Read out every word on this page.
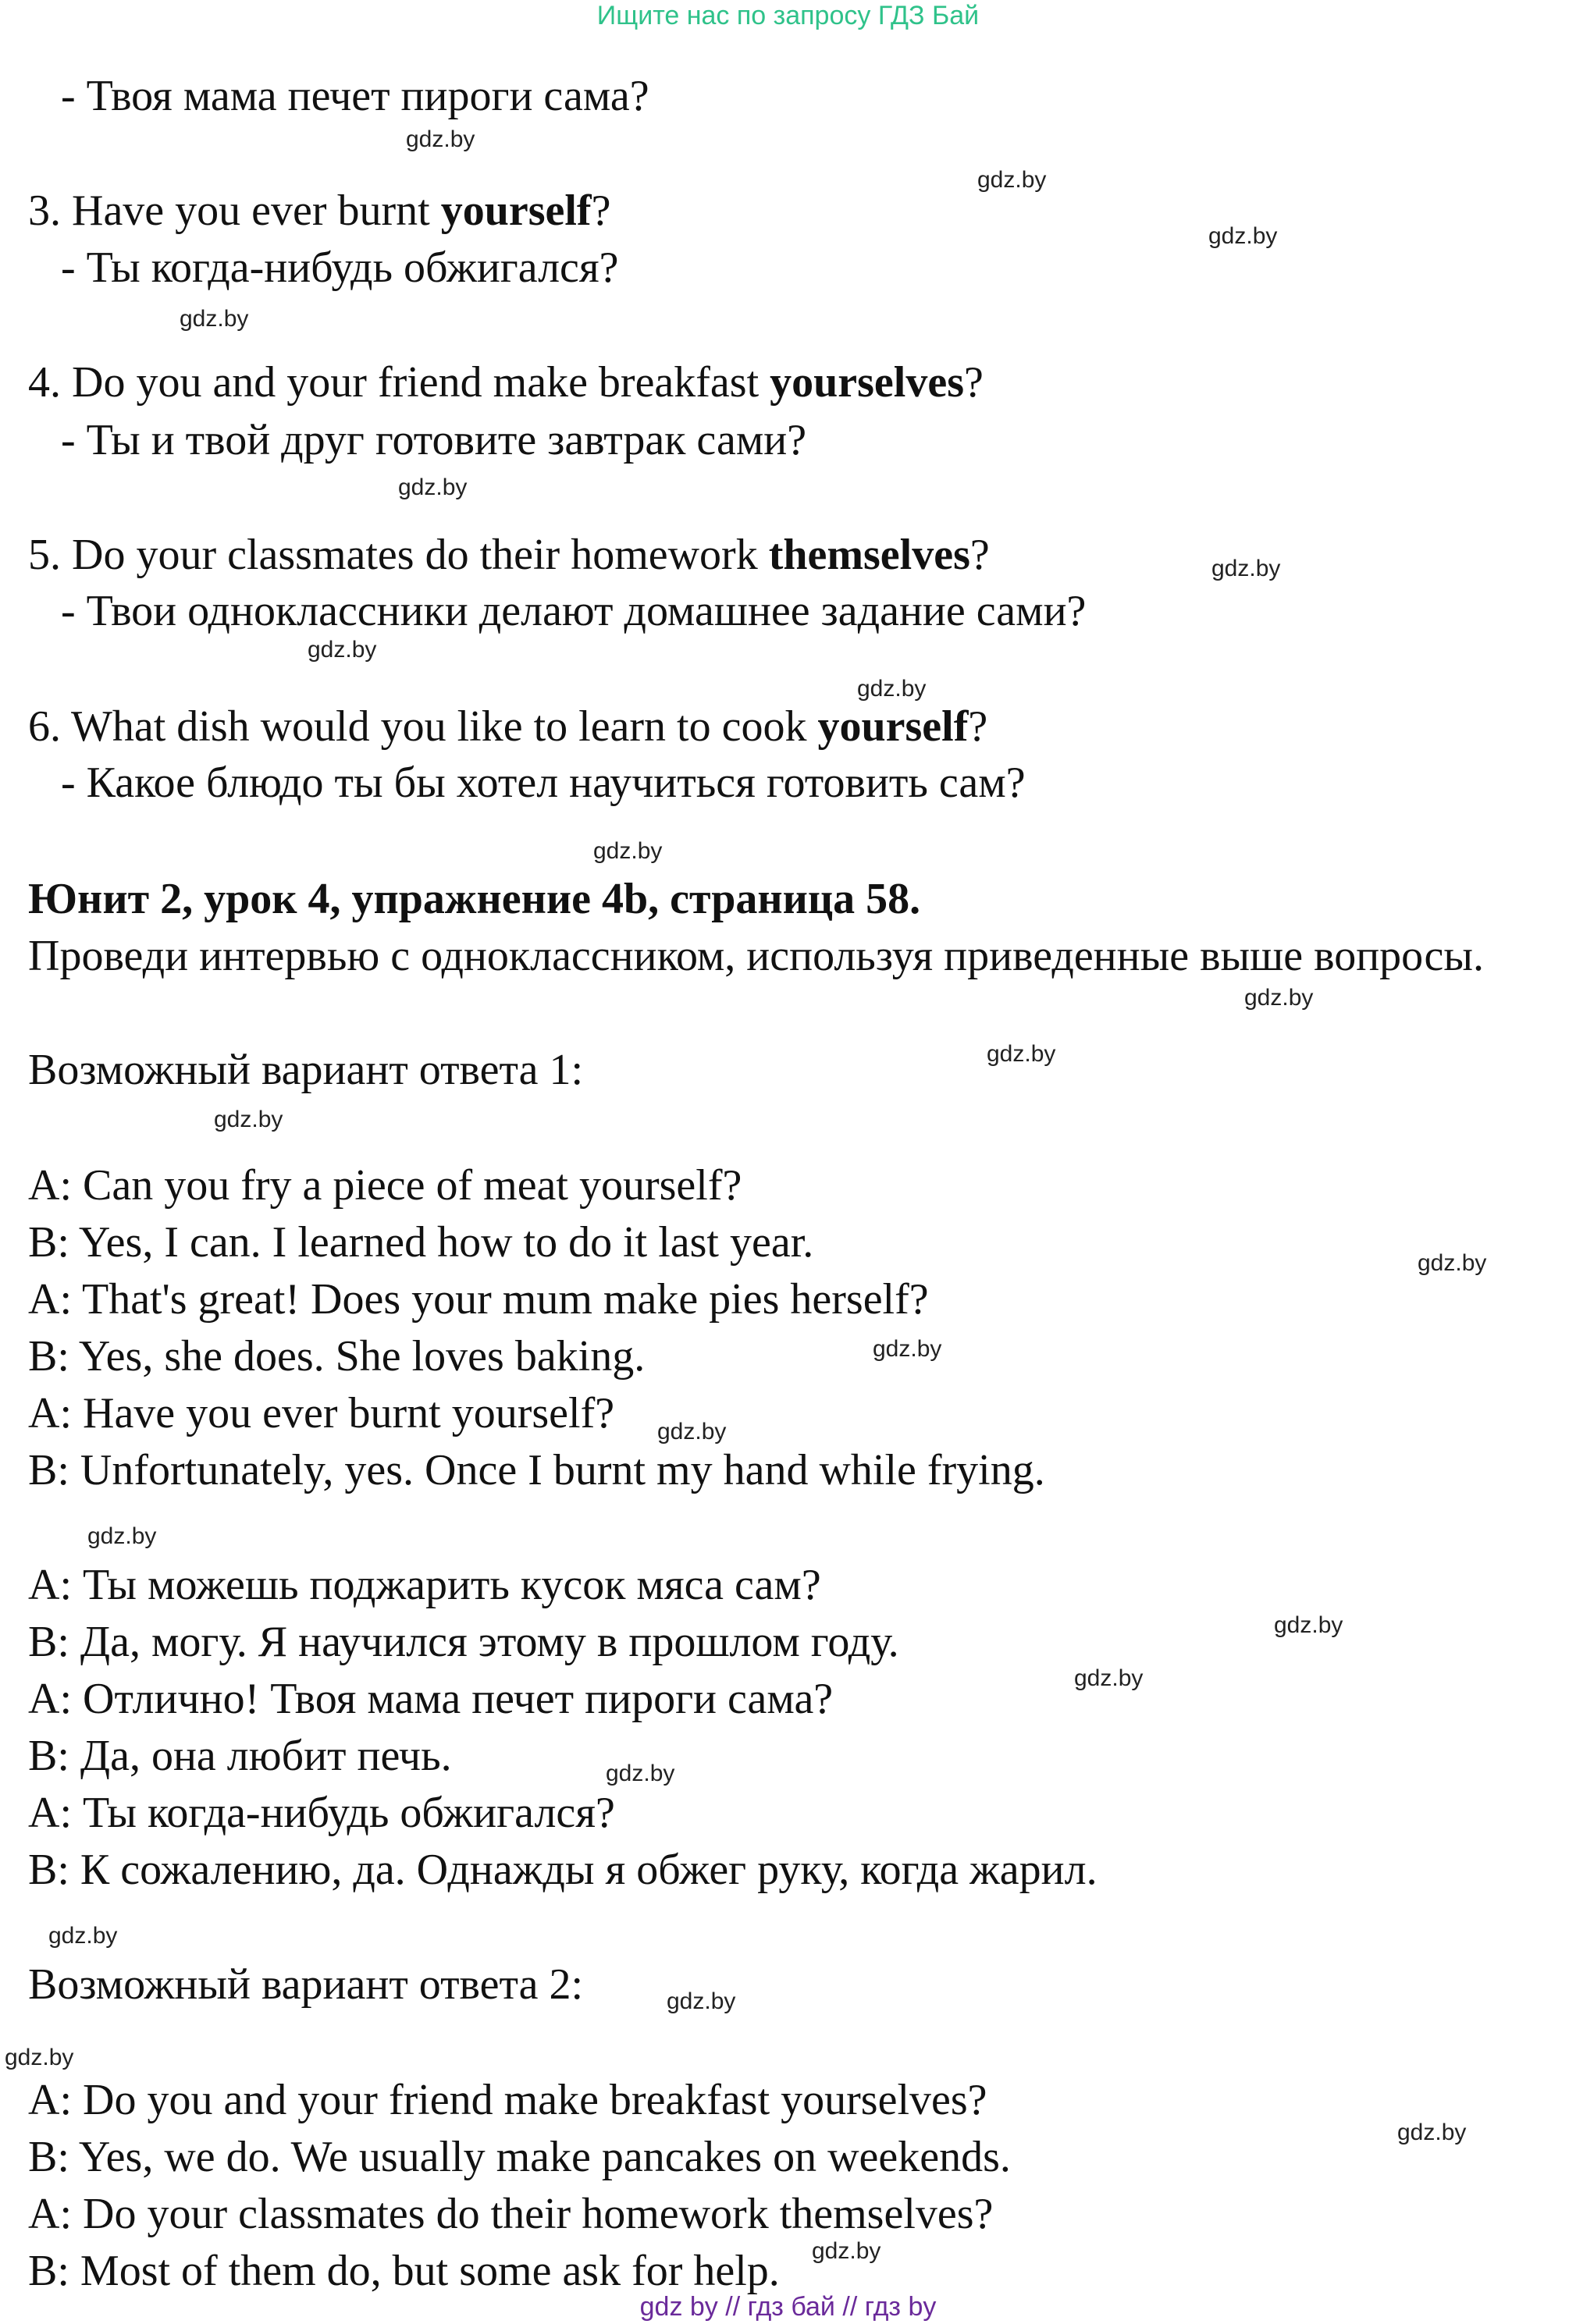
Ищите нас по запросу ГДЗ Бай
- Твоя мама печет пироги сама?
3. Have you ever burnt yourself?
- Ты когда-нибудь обжигался?
4. Do you and your friend make breakfast yourselves?
- Ты и твой друг готовите завтрак сами?
5. Do your classmates do their homework themselves?
- Твои одноклассники делают домашнее задание сами?
6. What dish would you like to learn to cook yourself?
- Какое блюдо ты бы хотел научиться готовить сам?
Юнит 2, урок 4, упражнение 4b, страница 58.
Проведи интервью с одноклассником, используя приведенные выше вопросы.
Возможный вариант ответа 1:
A: Can you fry a piece of meat yourself?
B: Yes, I can. I learned how to do it last year.
A: That's great! Does your mum make pies herself?
B: Yes, she does. She loves baking.
A: Have you ever burnt yourself?
B: Unfortunately, yes. Once I burnt my hand while frying.
A: Ты можешь поджарить кусок мяса сам?
B: Да, могу. Я научился этому в прошлом году.
A: Отлично! Твоя мама печет пироги сама?
B: Да, она любит печь.
A: Ты когда-нибудь обжигался?
B: К сожалению, да. Однажды я обжег руку, когда жарил.
Возможный вариант ответа 2:
A: Do you and your friend make breakfast yourselves?
B: Yes, we do. We usually make pancakes on weekends.
A: Do your classmates do their homework themselves?
B: Most of them do, but some ask for help.
gdz.by
gdz.by
gdz.by
gdz.by
gdz.by
gdz.by
gdz.by
gdz.by
gdz.by
gdz.by
gdz.by
gdz.by
gdz.by
gdz.by
gdz.by
gdz.by
gdz.by
gdz.by
gdz.by
gdz.by
gdz.by
gdz.by
gdz.by
gdz.by
gdz by // гдз бай // гдз by
